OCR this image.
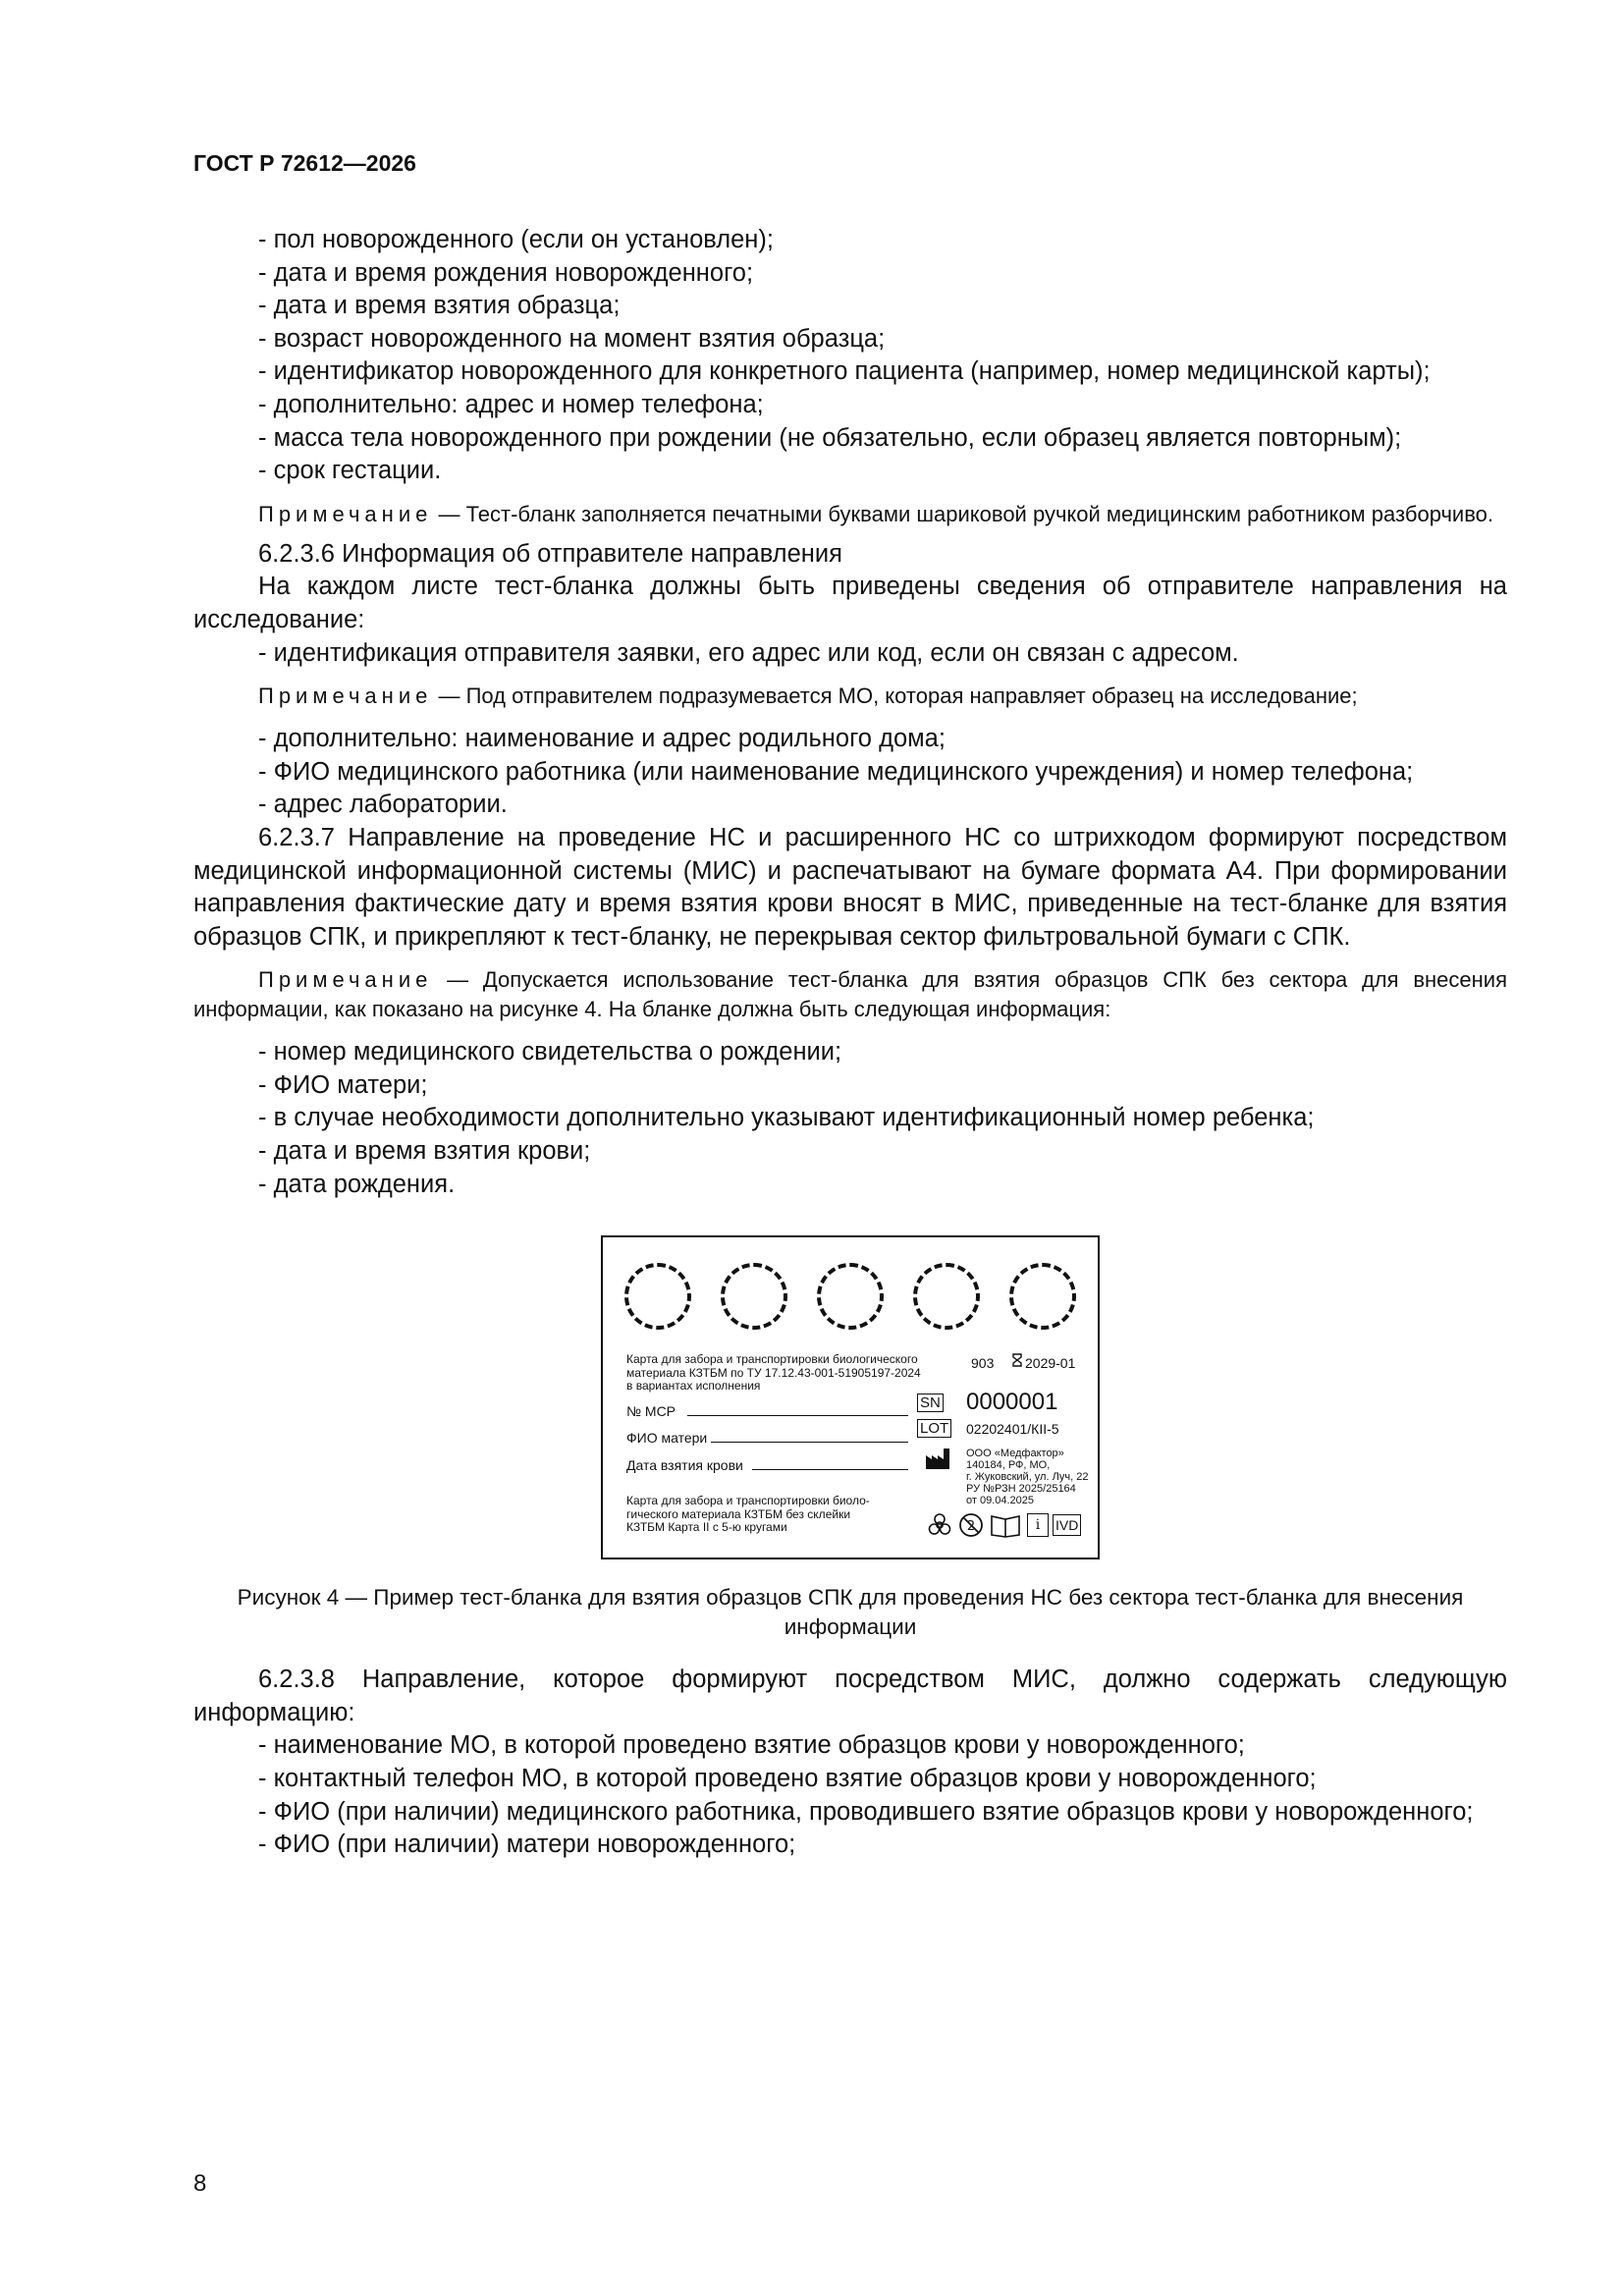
ГОСТ Р 72612—2026

- пол новорожденного (если он установлен);

- дата и время рождения новорожденного;

- дата и время взятия образца;

- возраст новорожденного на момент взятия образца;

- идентификатор новорожденного для конкретного пациента (например, номер медицинской карты);

- дополнительно: адрес и номер телефона;

- масса тела новорожденного при рождении (не обязательно, если образец является повторным);

- срок гестации.

Примечание — Тест-бланк заполняется печатными буквами шариковой ручкой медицинским работником разборчиво.

6.2.3.6 Информация об отправителе направления

На каждом листе тест-бланка должны быть приведены сведения об отправителе направления на исследование:

- идентификация отправителя заявки, его адрес или код, если он связан с адресом.

Примечание — Под отправителем подразумевается МО, которая направляет образец на исследование;

- дополнительно: наименование и адрес родильного дома;

- ФИО медицинского работника (или наименование медицинского учреждения) и номер телефона;

- адрес лаборатории.

6.2.3.7 Направление на проведение НС и расширенного НС со штрихкодом формируют посредством медицинской информационной системы (МИС) и распечатывают на бумаге формата А4. При формировании направления фактические дату и время взятия крови вносят в МИС, приведенные на тест-бланке для взятия образцов СПК, и прикрепляют к тест-бланку, не перекрывая сектор фильтровальной бумаги с СПК.

Примечание — Допускается использование тест-бланка для взятия образцов СПК без сектора для внесения информации, как показано на рисунке 4. На бланке должна быть следующая информация:

- номер медицинского свидетельства о рождении;

- ФИО матери;

- в случае необходимости дополнительно указывают идентификационный номер ребенка;

- дата и время взятия крови;

- дата рождения.

Карта для забора и транспортировки биологического
материала КЗТБМ по ТУ 17.12.43-001-51905197-2024
в вариантах исполнения
903 2029-01
SN 0000001
№ МСР
LOT 02202401/КII-5
ФИО матери
ООО «Медфактор»
140184, РФ, МО,
г. Жуковский, ул. Луч, 22
РУ №РЗН 2025/25164
от 09.04.2025
Дата взятия крови
Карта для забора и транспортировки биоло-
гического материала КЗТБМ без склейки
КЗТБМ Карта II с 5-ю кругами	2	i	IVD

Рисунок 4 — Пример тест-бланка для взятия образцов СПК для проведения НС без сектора тест-бланка для внесения информации

6.2.3.8 Направление, которое формируют посредством МИС, должно содержать следующую информацию:

- наименование МО, в которой проведено взятие образцов крови у новорожденного;

- контактный телефон МО, в которой проведено взятие образцов крови у новорожденного;

- ФИО (при наличии) медицинского работника, проводившего взятие образцов крови у новорожденного;

- ФИО (при наличии) матери новорожденного;

8
